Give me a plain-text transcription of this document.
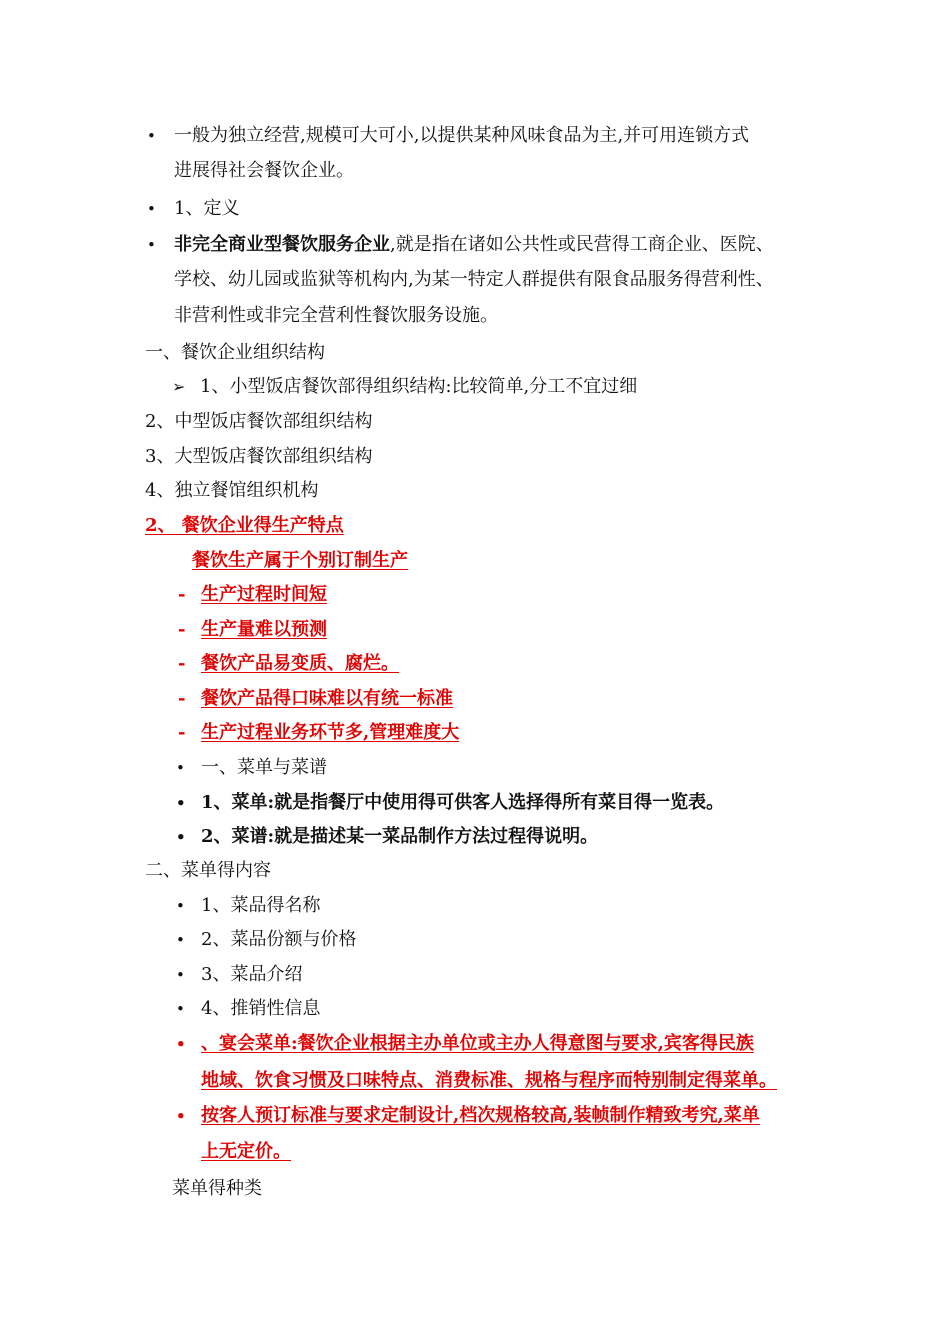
• 一般为独立经营,规模可大可小,以提供某种风味食品为主,并可用连锁方式
进展得社会餐饮企业。
• 1、定义
• 非完全商业型餐饮服务企业,就是指在诸如公共性或民营得工商企业、医院、
学校、幼儿园或监狱等机构内,为某一特定人群提供有限食品服务得营利性、
非营利性或非完全营利性餐饮服务设施。
一、餐饮企业组织结构
➢ 1、小型饭店餐饮部得组织结构:比较简单,分工不宜过细
2、中型饭店餐饮部组织结构
3、大型饭店餐饮部组织结构
4、独立餐馆组织机构
2、 餐饮企业得生产特点
餐饮生产属于个别订制生产
- 生产过程时间短
- 生产量难以预测
- 餐饮产品易变质、腐烂。
- 餐饮产品得口味难以有统一标准
- 生产过程业务环节多,管理难度大
• 一、菜单与菜谱
• 1、菜单:就是指餐厅中使用得可供客人选择得所有菜目得一览表。
• 2、菜谱:就是描述某一菜品制作方法过程得说明。
二、菜单得内容
• 1、菜品得名称
• 2、菜品份额与价格
• 3、菜品介绍
• 4、推销性信息
• 、宴会菜单:餐饮企业根据主办单位或主办人得意图与要求,宾客得民族
地域、饮食习惯及口味特点、消费标准、规格与程序而特别制定得菜单。
• 按客人预订标准与要求定制设计,档次规格较高,装帧制作精致考究,菜单
上无定价。
菜单得种类
